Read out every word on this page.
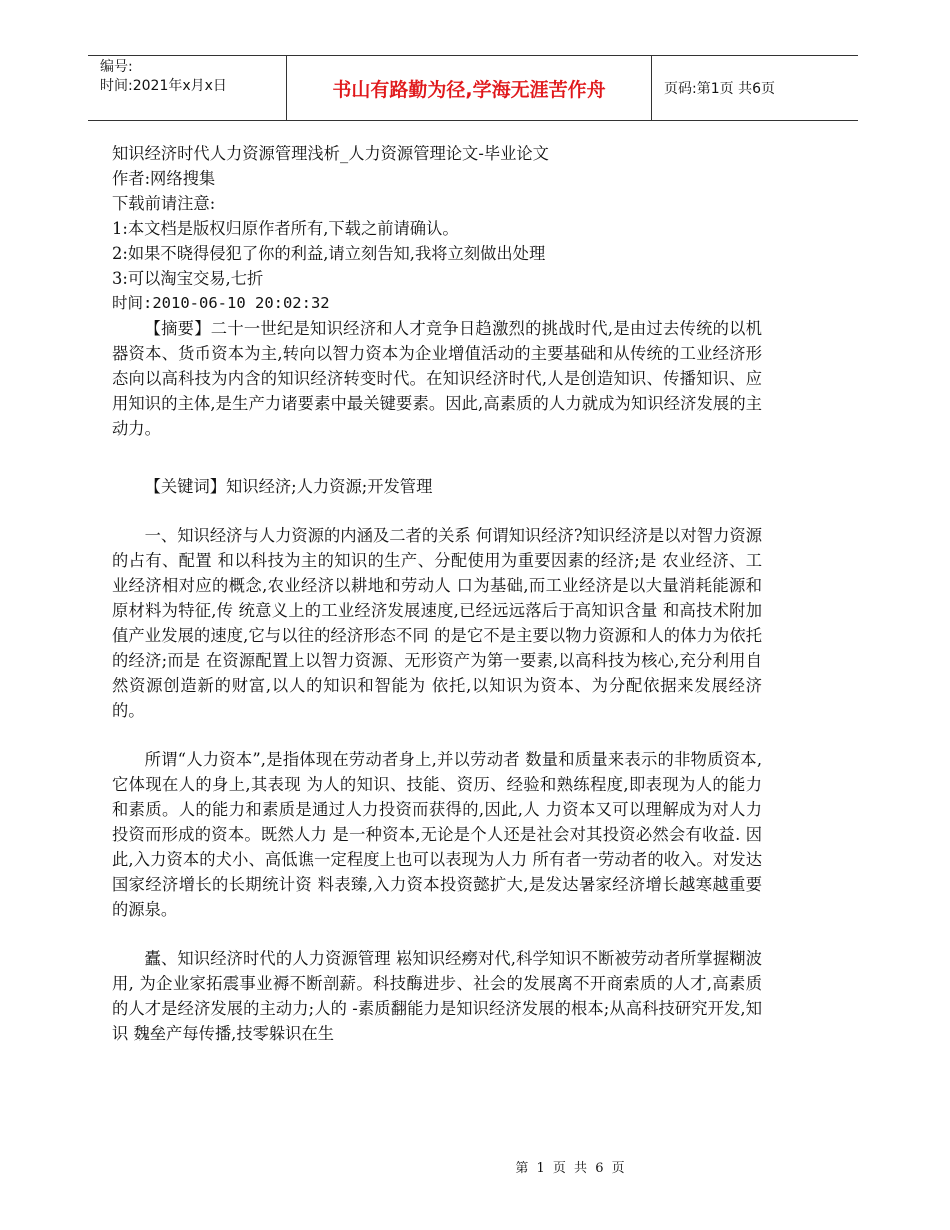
编号:
时间:2021年x月x日	书山有路勤为径,学海无涯苦作舟	页码:第1页 共6页
知识经济时代人力资源管理浅析_人力资源管理论文-毕业论文
作者:网络搜集
下载前请注意:
1:本文档是版权归原作者所有,下载之前请确认。
2:如果不晓得侵犯了你的利益,请立刻告知,我将立刻做出处理
3:可以淘宝交易,七折
时间:2010-06-10 20:02:32

【摘要】二十一世纪是知识经济和人才竞争日趋激烈的挑战时代,是由过去传统的以机器资本、货币资本为主,转向以智力资本为企业增值活动的主要基础和从传统的工业经济形态向以高科技为内含的知识经济转变时代。在知识经济时代,人是创造知识、传播知识、应用知识的主体,是生产力诸要素中最关键要素。因此,高素质的人力就成为知识经济发展的主动力。

【关键词】知识经济;人力资源;开发管理

一、知识经济与人力资源的内涵及二者的关系 何谓知识经济?知识经济是以对智力资源的占有、配置 和以科技为主的知识的生产、分配使用为重要因素的经济;是 农业经济、工业经济相对应的概念,农业经济以耕地和劳动人 口为基础,而工业经济是以大量消耗能源和原材料为特征,传 统意义上的工业经济发展速度,已经远远落后于高知识含量 和高技术附加值产业发展的速度,它与以往的经济形态不同 的是它不是主要以物力资源和人的体力为依托的经济;而是 在资源配置上以智力资源、无形资产为第一要素,以高科技为核心,充分利用自然资源创造新的财富,以人的知识和智能为 依托,以知识为资本、为分配依据来发展经济的。

所谓“人力资本”,是指体现在劳动者身上,并以劳动者 数量和质量来表示的非物质资本,它体现在人的身上,其表现 为人的知识、技能、资历、经验和熟练程度,即表现为人的能力 和素质。人的能力和素质是通过人力投资而获得的,因此,人 力资本又可以理解成为对人力投资而形成的资本。既然人力 是一种资本,无论是个人还是社会对其投资必然会有收益. 因此,入力资本的犬小、高低谯一定程度上也可以表现为人力 所有者一劳动者的收入。对发达国家经济增长的长期统计资 料表臻,入力资本投资懿扩大,是发达暑家经济增长越寒越重要的源泉。

蠹、知识经济时代的人力资源管理 崧知识经癆对代,科学知识不断被劳动者所掌握糊波用, 为企业家拓震事业褥不断剖薪。科技酶进步、社会的发展离不开商索质的人才,高素质的人才是经济发展的主动力;人的 -素质翻能力是知识经济发展的根本;从高科技研究开发,知识 魏垒产每传播,技零躲识在生

第 1 页 共 6 页
